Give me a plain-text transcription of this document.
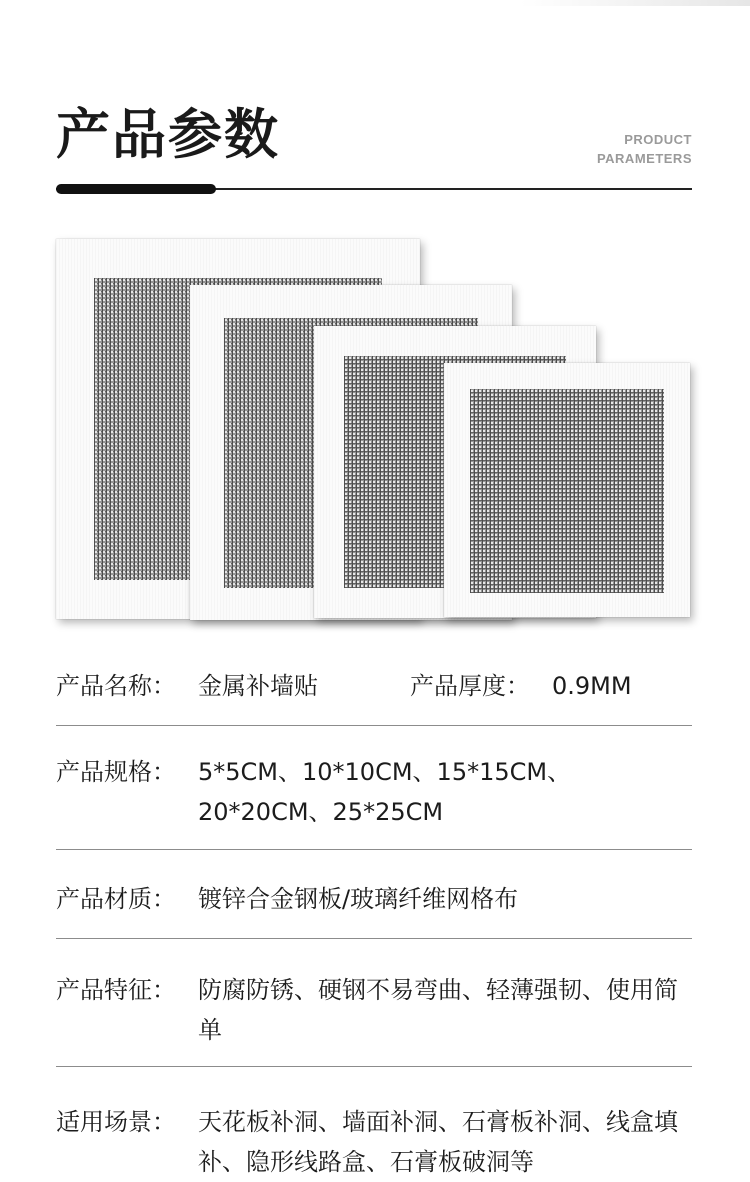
产品参数	PRODUCT
PARAMETERS
产品名称： 金属补墙贴	产品厚度： 0.9MM
产品规格： 5*5CM、10*10CM、15*15CM、20*20CM、25*25CM
产品材质： 镀锌合金钢板/玻璃纤维网格布
产品特征： 防腐防锈、硬钢不易弯曲、轻薄强韧、使用简单
适用场景： 天花板补洞、墙面补洞、石膏板补洞、线盒填补、隐形线路盒、石膏板破洞等
